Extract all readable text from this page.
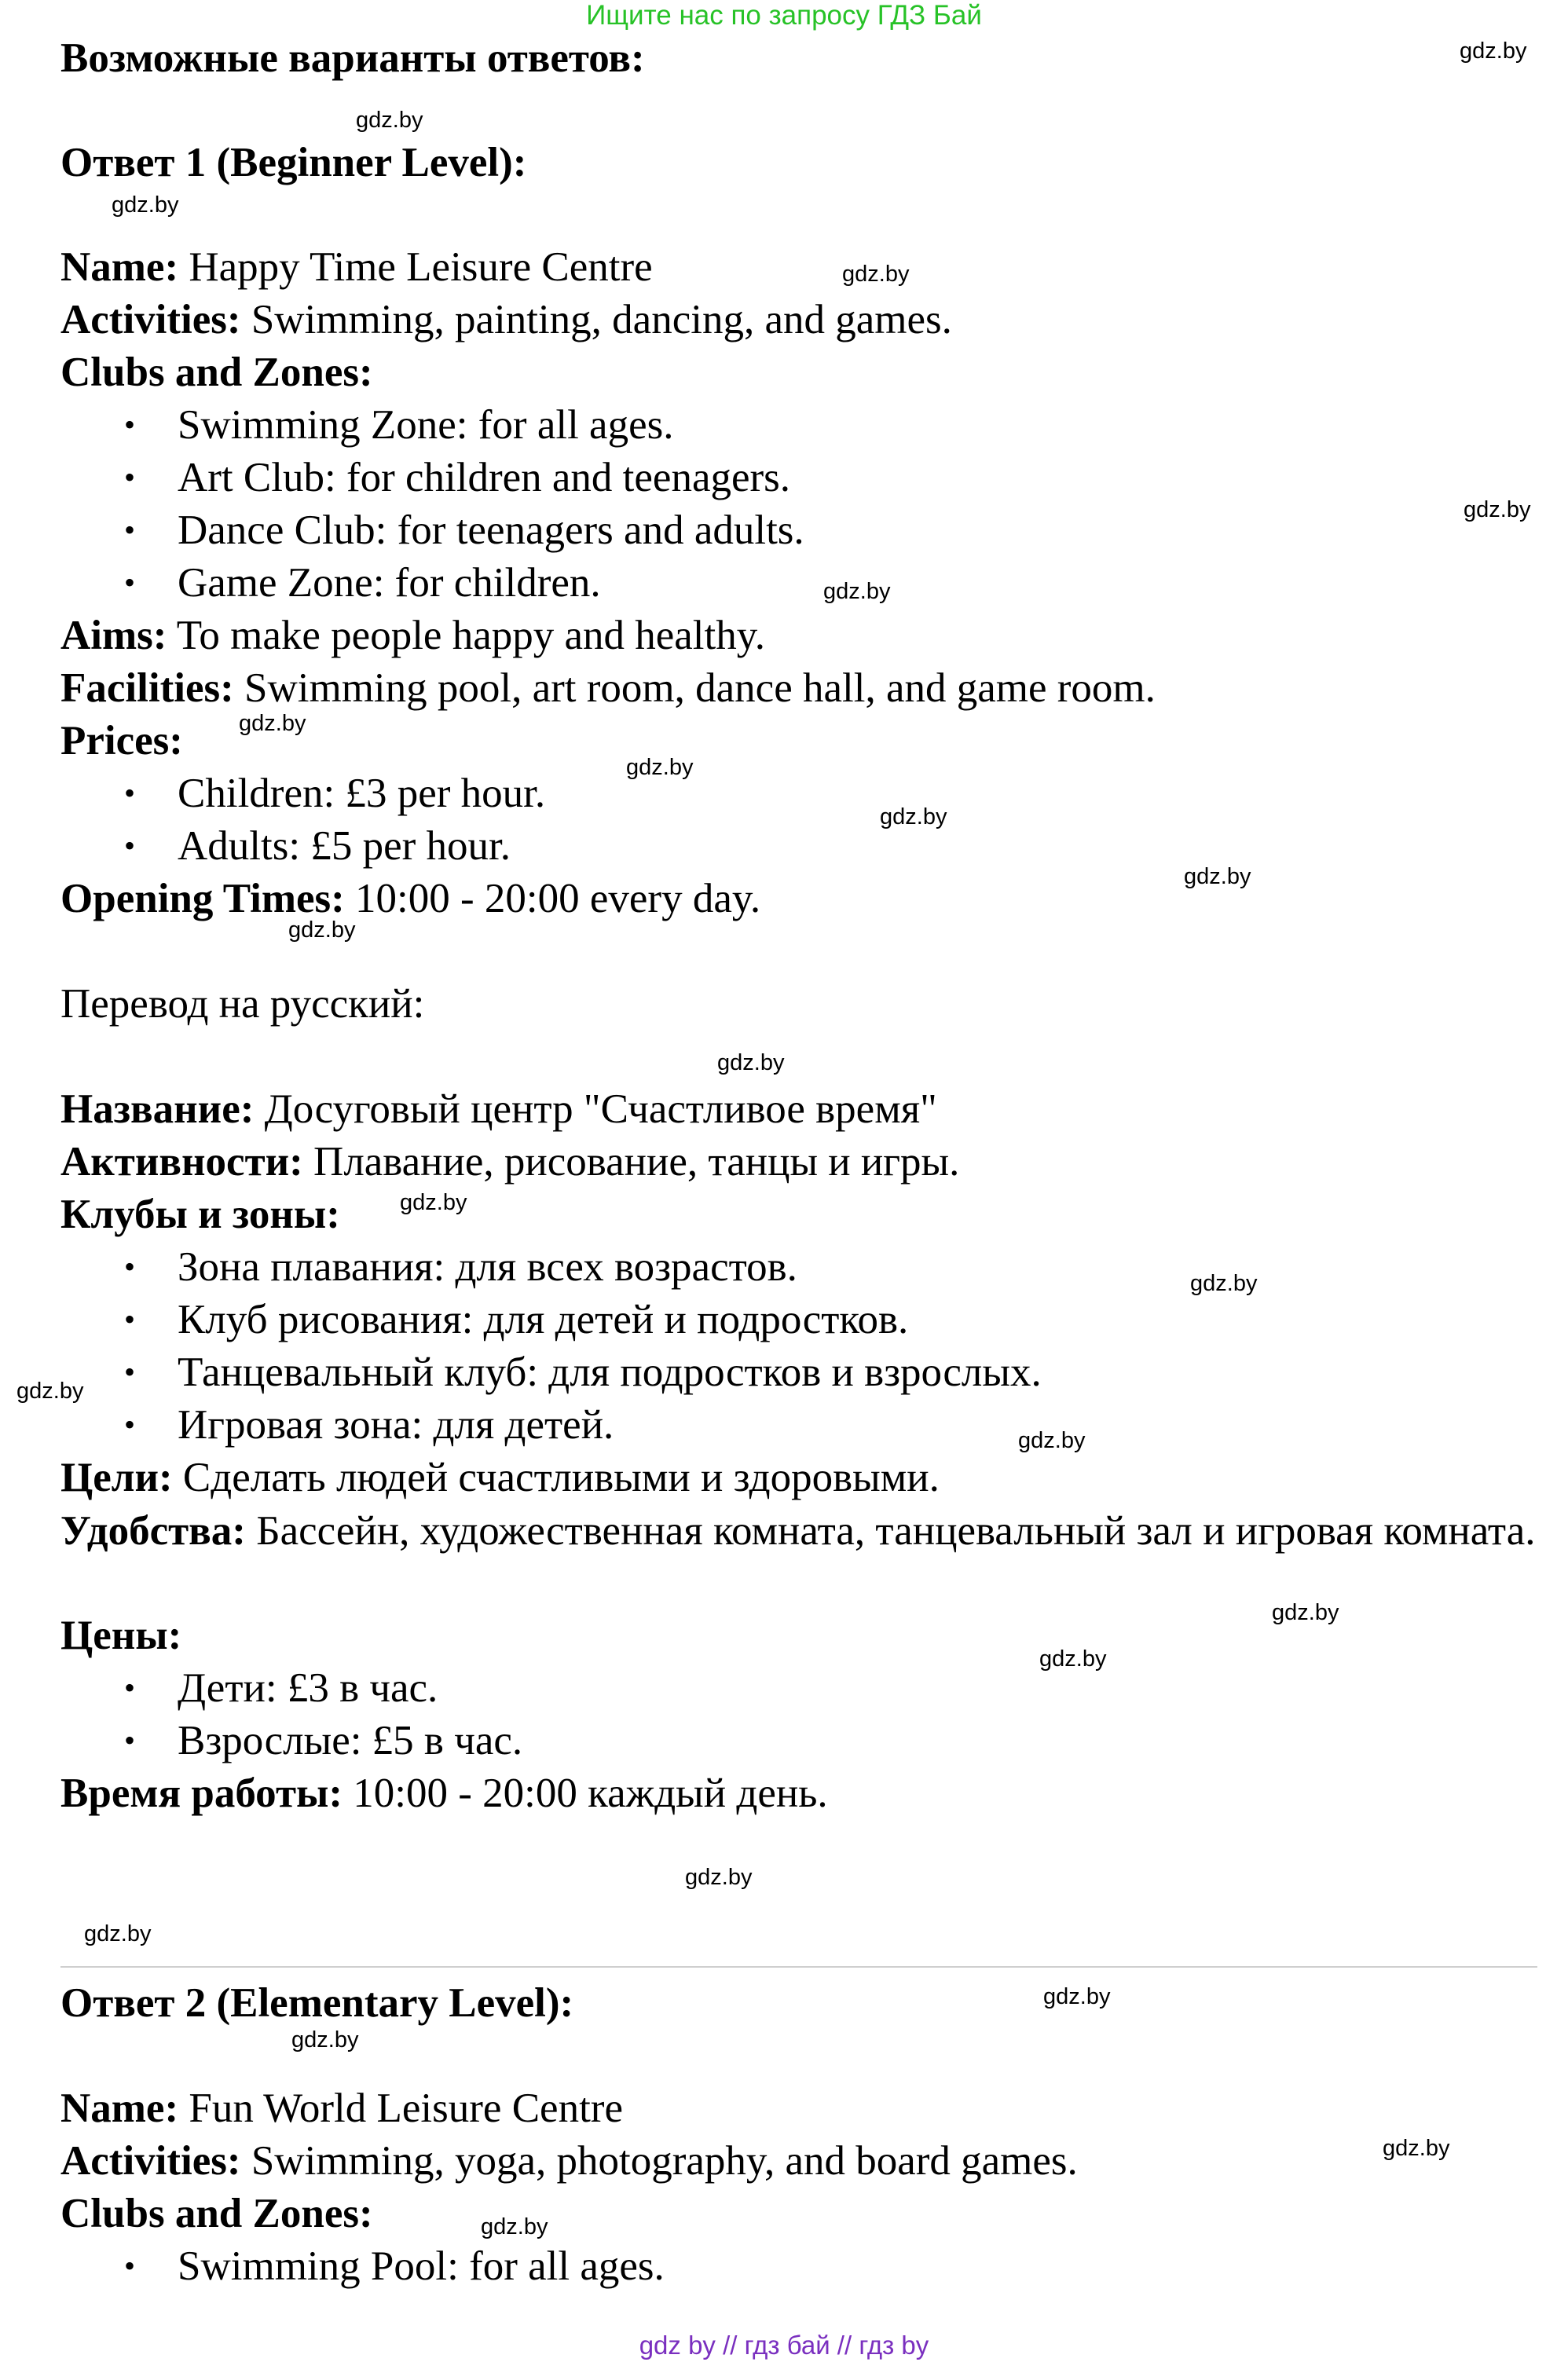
Ищите нас по запросу ГДЗ Бай
Возможные варианты ответов:
Ответ 1 (Beginner Level):
Name: Happy Time Leisure Centre
Activities: Swimming, painting, dancing, and games.
Clubs and Zones:
• Swimming Zone: for all ages.
• Art Club: for children and teenagers.
• Dance Club: for teenagers and adults.
• Game Zone: for children.
Aims: To make people happy and healthy.
Facilities: Swimming pool, art room, dance hall, and game room.
Prices:
• Children: £3 per hour.
• Adults: £5 per hour.
Opening Times: 10:00 - 20:00 every day.
Перевод на русский:
Название: Досуговый центр "Счастливое время"
Активности: Плавание, рисование, танцы и игры.
Клубы и зоны:
• Зона плавания: для всех возрастов.
• Клуб рисования: для детей и подростков.
• Танцевальный клуб: для подростков и взрослых.
• Игровая зона: для детей.
Цели: Сделать людей счастливыми и здоровыми.
Удобства: Бассейн, художественная комната, танцевальный зал и игровая комната.
Цены:
• Дети: £3 в час.
• Взрослые: £5 в час.
Время работы: 10:00 - 20:00 каждый день.
Ответ 2 (Elementary Level):
Name: Fun World Leisure Centre
Activities: Swimming, yoga, photography, and board games.
Clubs and Zones:
• Swimming Pool: for all ages.
gdz.by
gdz.by
gdz.by
gdz.by
gdz.by
gdz.by
gdz.by
gdz.by
gdz.by
gdz.by
gdz.by
gdz.by
gdz.by
gdz.by
gdz.by
gdz.by
gdz.by
gdz.by
gdz.by
gdz.by
gdz.by
gdz.by
gdz.by
gdz.by
gdz by // гдз бай // гдз by
